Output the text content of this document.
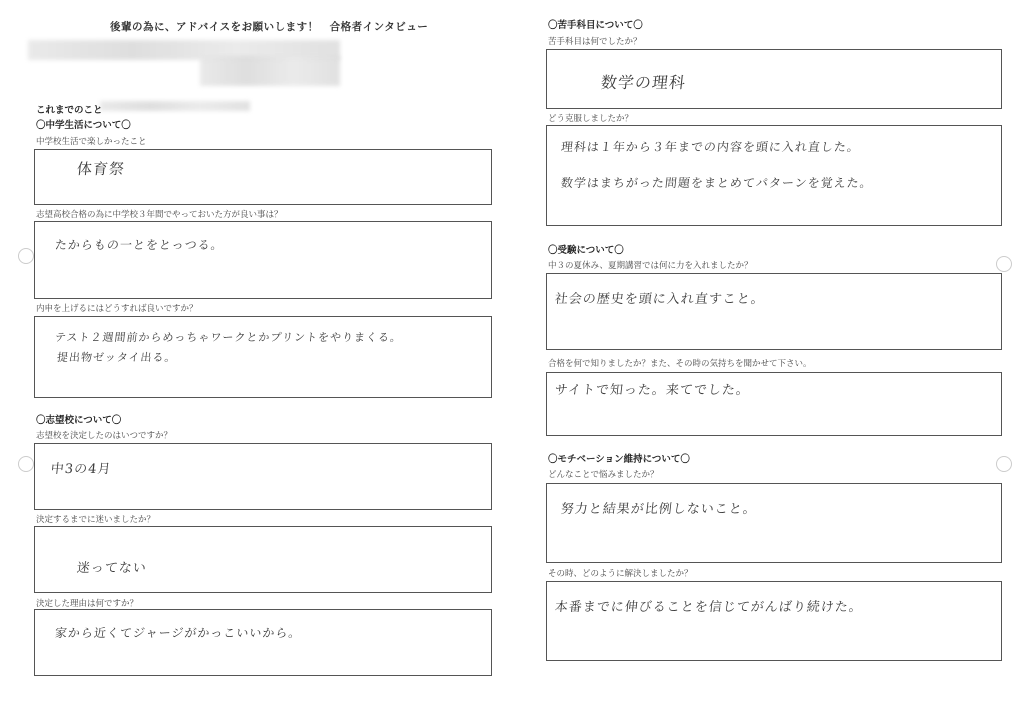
後輩の為に、アドバイスをお願いします！　合格者インタビュー
これまでのこと
〇中学生活について〇
中学校生活で楽しかったこと
体育祭
志望高校合格の為に中学校３年間でやっておいた方が良い事は？
たからもの一とをとっつる。
内申を上げるにはどうすれば良いですか？
テスト２週間前からめっちゃワークとかプリントをやりまくる。
提出物ゼッタイ出る。
〇志望校について〇
志望校を決定したのはいつですか？
中3の4月
決定するまでに迷いましたか？
迷ってない
決定した理由は何ですか？
家から近くてジャージがかっこいいから。
〇苦手科目について〇
苦手科目は何でしたか？
数学の理科
どう克服しましたか？
理科は１年から３年までの内容を頭に入れ直した。
数学はまちがった問題をまとめてパターンを覚えた。
〇受験について〇
中３の夏休み、夏期講習では何に力を入れましたか？
社会の歴史を頭に入れ直すこと。
合格を何で知りましたか？また、その時の気持ちを聞かせて下さい。
サイトで知った。来てでした。
〇モチベーション維持について〇
どんなことで悩みましたか？
努力と結果が比例しないこと。
その時、どのように解決しましたか？
本番までに伸びることを信じてがんばり続けた。
